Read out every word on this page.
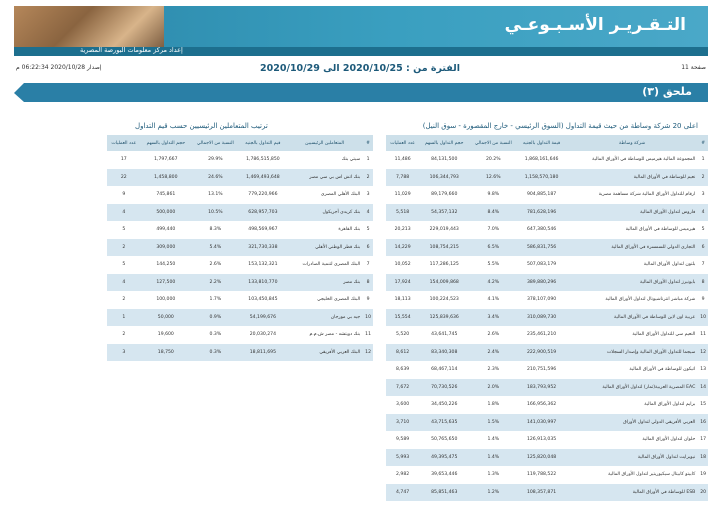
التـقـريـر الأسـبـوعـي
إعداد مركز معلومات البورصة المصرية
صفحة 11
الفترة من : 2020/10/25 الى 2020/10/29
إصدار 2020/10/28 06:22:34 م
ملحق (٣)
اعلى 20 شركة وساطة من حيث قيمة التداول (السوق الرئيسي - خارج المقصورة - سوق النيل)
ترتيب المتعاملين الرئيسيين حسب قيم التداول
#	شركة وساطة	قيمة التداول بالجنيه	النسبة من الاجمالي	حجم التداول بالسهم	عدد العمليات
1	المجموعة المالية هيرميس للوساطة في الأوراق المالية	1,868,161,646	20.2%	84,131,500	11,486
2	نعيم للوساطة في الأوراق المالية	1,158,570,180	12.6%	106,344,793	7,788
3	ارقام للتداول الأوراق المالية شركة مساهمة مصرية	904,885,187	9.8%	89,179,660	11,029
4	فاروس لتداول الأوراق المالية	781,628,196	8.4%	54,357,132	5,518
5	هيرميس للوساطة في الأوراق المالية	647,380,546	7.0%	229,019,443	20,213
6	التجاري الدولي للسمسرة في الأوراق المالية	586,831,756	6.5%	108,754,215	14,229
7	بلتون لتداول الأوراق المالية	507,083,179	5.5%	117,286,125	10,052
8	بايونيرز لتداول الأوراق المالية	389,880,296	4.2%	154,009,868	17,924
9	شركة مباشر انترناشيونال لتداول الأوراق المالية	378,107,090	4.1%	100,224,523	18,113
10	عربية اون لاين للوساطة في الأوراق المالية	310,089,730	3.4%	125,839,636	15,554
11	النعيم سي للتداول الأوراق المالية	235,461,210	2.6%	43,641,745	5,520
12	سيجما للتداول الأوراق المالية وإصدار السجلات	222,900,519	2.4%	83,340,308	8,612
13	اتيكون للوساطة في الأوراق المالية	210,751,596	2.3%	68,467,114	8,639
14	EAC المصرية العربية(ثمار) لتداول الأوراق المالية	183,793,952	2.0%	70,730,526	7,672
15	برايم لتداول الأوراق المالية	166,956,362	1.8%	34,450,226	3,600
16	العربي الأفريقي الدولي لتداول الأوراق	141,030,997	1.5%	43,715,635	3,710
17	حلوان لتداول الأوراق المالية	126,913,035	1.4%	50,765,650	9,589
18	نيوبرايت لتداول الأوراق المالية	125,820,048	1.4%	49,395,475	5,993
19	كابيتو كابيتال سيكيوريتيز لتداول الأوراق المالية	119,788,522	1.3%	39,653,446	2,982
20	ESB للوساطة في الأوراق المالية	108,357,871	1.2%	85,851,463	4,747
#	المتعاملين الرئيسيين	قيم التداول بالجنيه	النسبة من الاجمالي	حجم التداول بالسهم	عدد العمليات
1	سيتي بنك	1,786,515,850	29.9%	1,797,667	17
2	بنك اتش اس بي سي مصر	1,469,493,648	24.6%	1,458,800	22
3	البنك الأهلي المصري	779,220,966	13.1%	745,861	9
4	بنك كريدي أجريكول	628,957,703	10.5%	500,000	4
5	بنك القاهرة	498,569,967	8.3%	499,440	5
6	بنك قطر الوطني الأهلي	321,730,338	5.4%	309,000	2
7	البنك المصري لتنمية الصادرات	153,132,321	2.6%	144,250	5
8	بنك مصر	133,810,770	2.2%	127,500	4
9	البنك المصري الخليجي	103,450,845	1.7%	100,000	2
10	جيه بي مورجان	54,199,676	0.9%	50,000	1
11	بنك دويتشه - مصر ش.م.م	20,030,274	0.3%	19,600	2
12	البنك العربي الأفريقي	18,811,695	0.3%	18,750	3
